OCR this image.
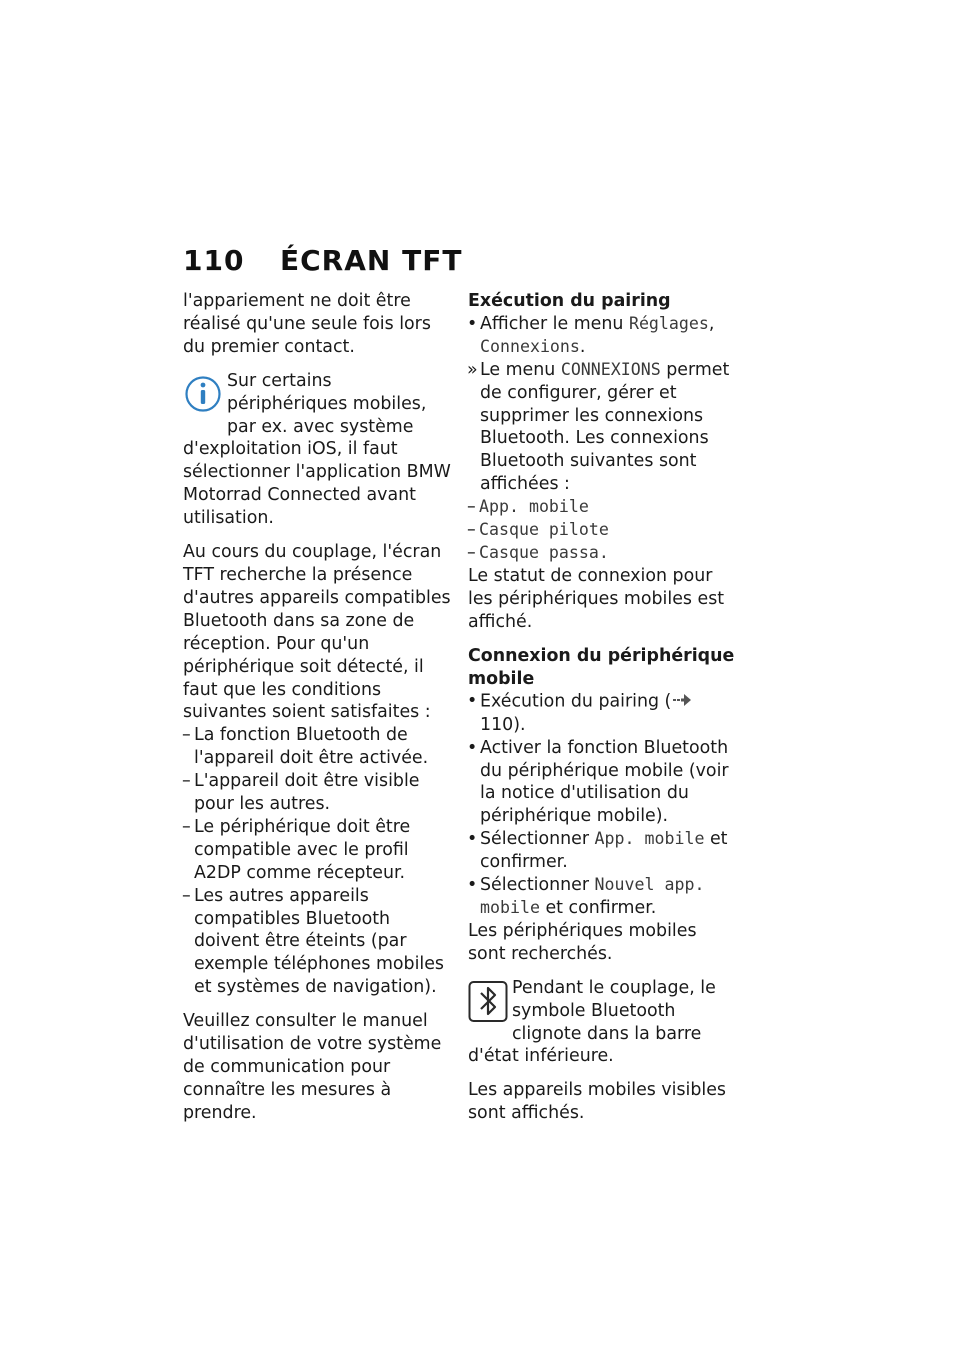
110 ÉCRAN TFT

l'appariement ne doit être réalisé qu'une seule fois lors du premier contact.

Sur certains périphériques mobiles, par ex. avec système d'exploitation iOS, il faut sélectionner l'application BMW Motorrad Connected avant utilisation.

Au cours du couplage, l'écran TFT recherche la présence d'autres appareils compatibles Bluetooth dans sa zone de réception. Pour qu'un périphérique soit détecté, il faut que les conditions suivantes soient satisfaites :

– La fonction Bluetooth de l'appareil doit être activée.
– L'appareil doit être visible pour les autres.
– Le périphérique doit être compatible avec le profil A2DP comme récepteur.
– Les autres appareils compatibles Bluetooth doivent être éteints (par exemple téléphones mobiles et systèmes de navigation).

Veuillez consulter le manuel d'utilisation de votre système de communication pour connaître les mesures à prendre.

Exécution du pairing

• Afficher le menu Réglages, Connexions.
» Le menu CONNEXIONS permet de configurer, gérer et supprimer les connexions Bluetooth. Les connexions Bluetooth suivantes sont affichées :
– App. mobile
– Casque pilote
– Casque passa.

Le statut de connexion pour les périphériques mobiles est affiché.

Connexion du périphérique mobile

• Exécution du pairing (110).
• Activer la fonction Bluetooth du périphérique mobile (voir la notice d'utilisation du périphérique mobile).
• Sélectionner App. mobile et confirmer.
• Sélectionner Nouvel app. mobile et confirmer.

Les périphériques mobiles sont recherchés.

Pendant le couplage, le symbole Bluetooth clignote dans la barre d'état inférieure.

Les appareils mobiles visibles sont affichés.
